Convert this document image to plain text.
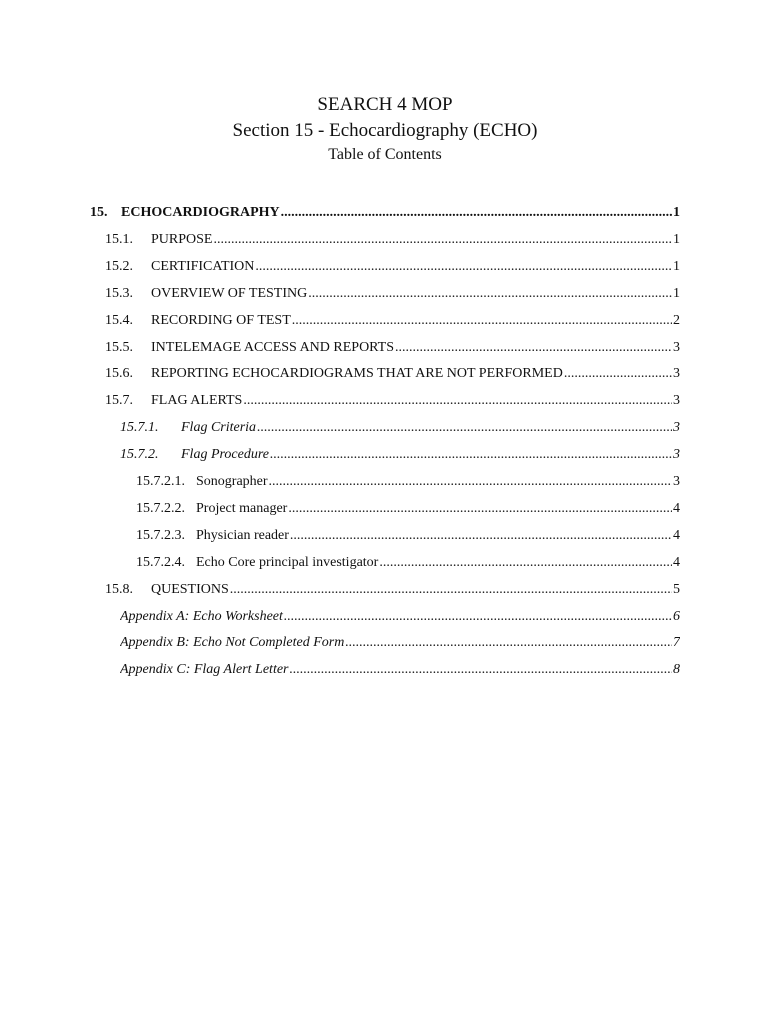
SEARCH 4 MOP

Section 15 - Echocardiography (ECHO)

Table of Contents

15. ECHOCARDIOGRAPHY .....	1
15.1.	PURPOSE .....	1
15.2.	CERTIFICATION .....	1
15.3.	OVERVIEW OF TESTING .....	1
15.4.	RECORDING OF TEST .....	2
15.5.	INTELEMAGE ACCESS AND REPORTS .....	3
15.6.	REPORTING ECHOCARDIOGRAMS THAT ARE NOT PERFORMED .....	3
15.7.	FLAG ALERTS .....	3
15.7.1.	Flag Criteria .....	3
15.7.2.	Flag Procedure .....	3
15.7.2.1. Sonographer .....	3
15.7.2.2. Project manager .....	4
15.7.2.3. Physician reader .....	4
15.7.2.4. Echo Core principal investigator .....	4
15.8.	QUESTIONS .....	5
Appendix A: Echo Worksheet .....	6
Appendix B: Echo Not Completed Form .....	7
Appendix C: Flag Alert Letter .....	8
